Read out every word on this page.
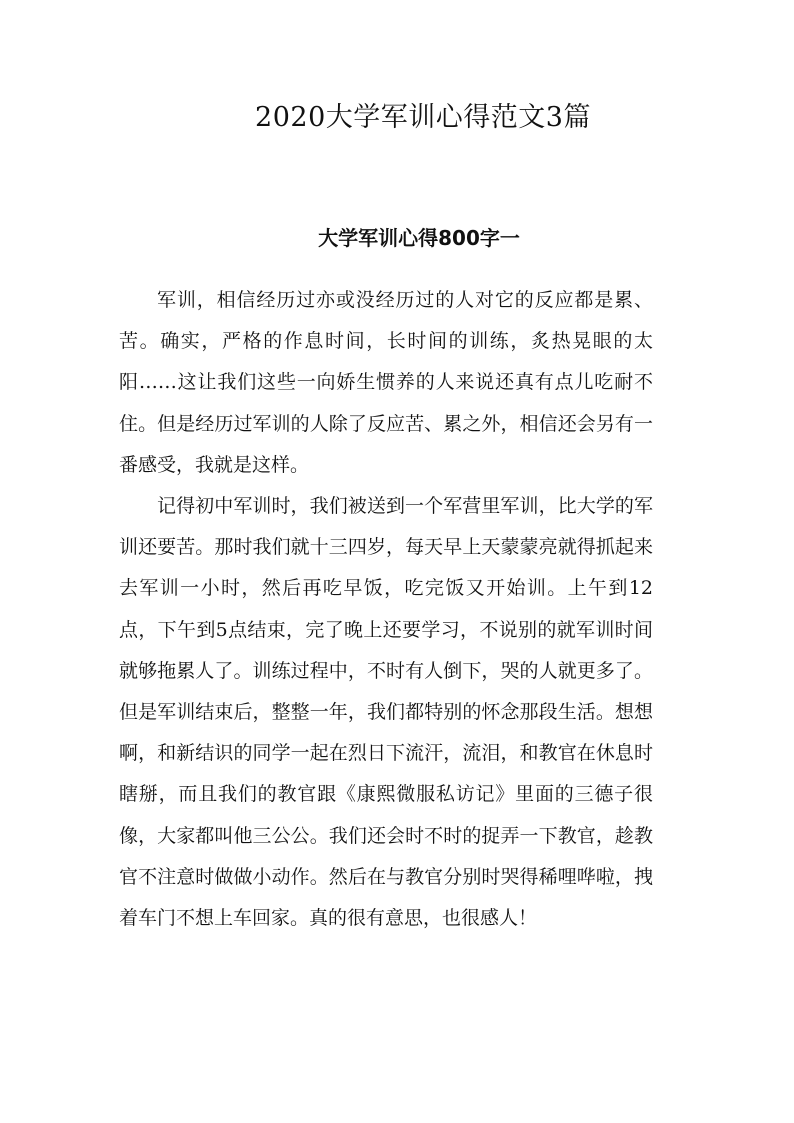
2020大学军训心得范文3篇
大学军训心得800字一

军训，相信经历过亦或没经历过的人对它的反应都是累、苦。确实，严格的作息时间，长时间的训练，炙热晃眼的太阳……这让我们这些一向娇生惯养的人来说还真有点儿吃耐不住。但是经历过军训的人除了反应苦、累之外，相信还会另有一番感受，我就是这样。

记得初中军训时，我们被送到一个军营里军训，比大学的军训还要苦。那时我们就十三四岁，每天早上天蒙蒙亮就得抓起来去军训一小时，然后再吃早饭，吃完饭又开始训。上午到12点，下午到5点结束，完了晚上还要学习，不说别的就军训时间就够拖累人了。训练过程中，不时有人倒下，哭的人就更多了。但是军训结束后，整整一年，我们都特别的怀念那段生活。想想啊，和新结识的同学一起在烈日下流汗，流泪，和教官在休息时瞎掰，而且我们的教官跟《康熙微服私访记》里面的三德子很像，大家都叫他三公公。我们还会时不时的捉弄一下教官，趁教官不注意时做做小动作。然后在与教官分别时哭得稀哩哗啦，拽着车门不想上车回家。真的很有意思，也很感人！
